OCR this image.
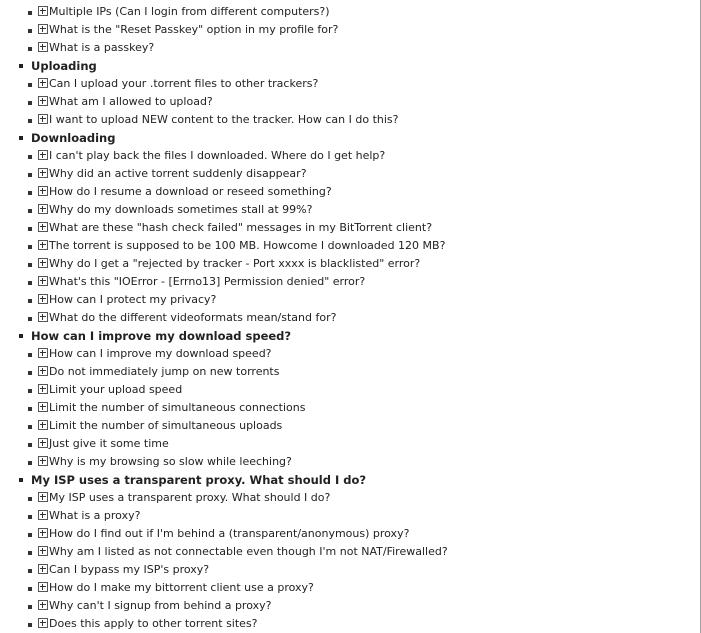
Multiple IPs (Can I login from different computers?)
What is the "Reset Passkey" option in my profile for?
What is a passkey?
Uploading
Can I upload your .torrent files to other trackers?
What am I allowed to upload?
I want to upload NEW content to the tracker. How can I do this?
Downloading
I can't play back the files I downloaded. Where do I get help?
Why did an active torrent suddenly disappear?
How do I resume a download or reseed something?
Why do my downloads sometimes stall at 99%?
What are these "hash check failed" messages in my BitTorrent client?
The torrent is supposed to be 100 MB. Howcome I downloaded 120 MB?
Why do I get a "rejected by tracker - Port xxxx is blacklisted" error?
What's this "IOError - [Errno13] Permission denied" error?
How can I protect my privacy?
What do the different videoformats mean/stand for?
How can I improve my download speed?
How can I improve my download speed?
Do not immediately jump on new torrents
Limit your upload speed
Limit the number of simultaneous connections
Limit the number of simultaneous uploads
Just give it some time
Why is my browsing so slow while leeching?
My ISP uses a transparent proxy. What should I do?
My ISP uses a transparent proxy. What should I do?
What is a proxy?
How do I find out if I'm behind a (transparent/anonymous) proxy?
Why am I listed as not connectable even though I'm not NAT/Firewalled?
Can I bypass my ISP's proxy?
How do I make my bittorrent client use a proxy?
Why can't I signup from behind a proxy?
Does this apply to other torrent sites?
